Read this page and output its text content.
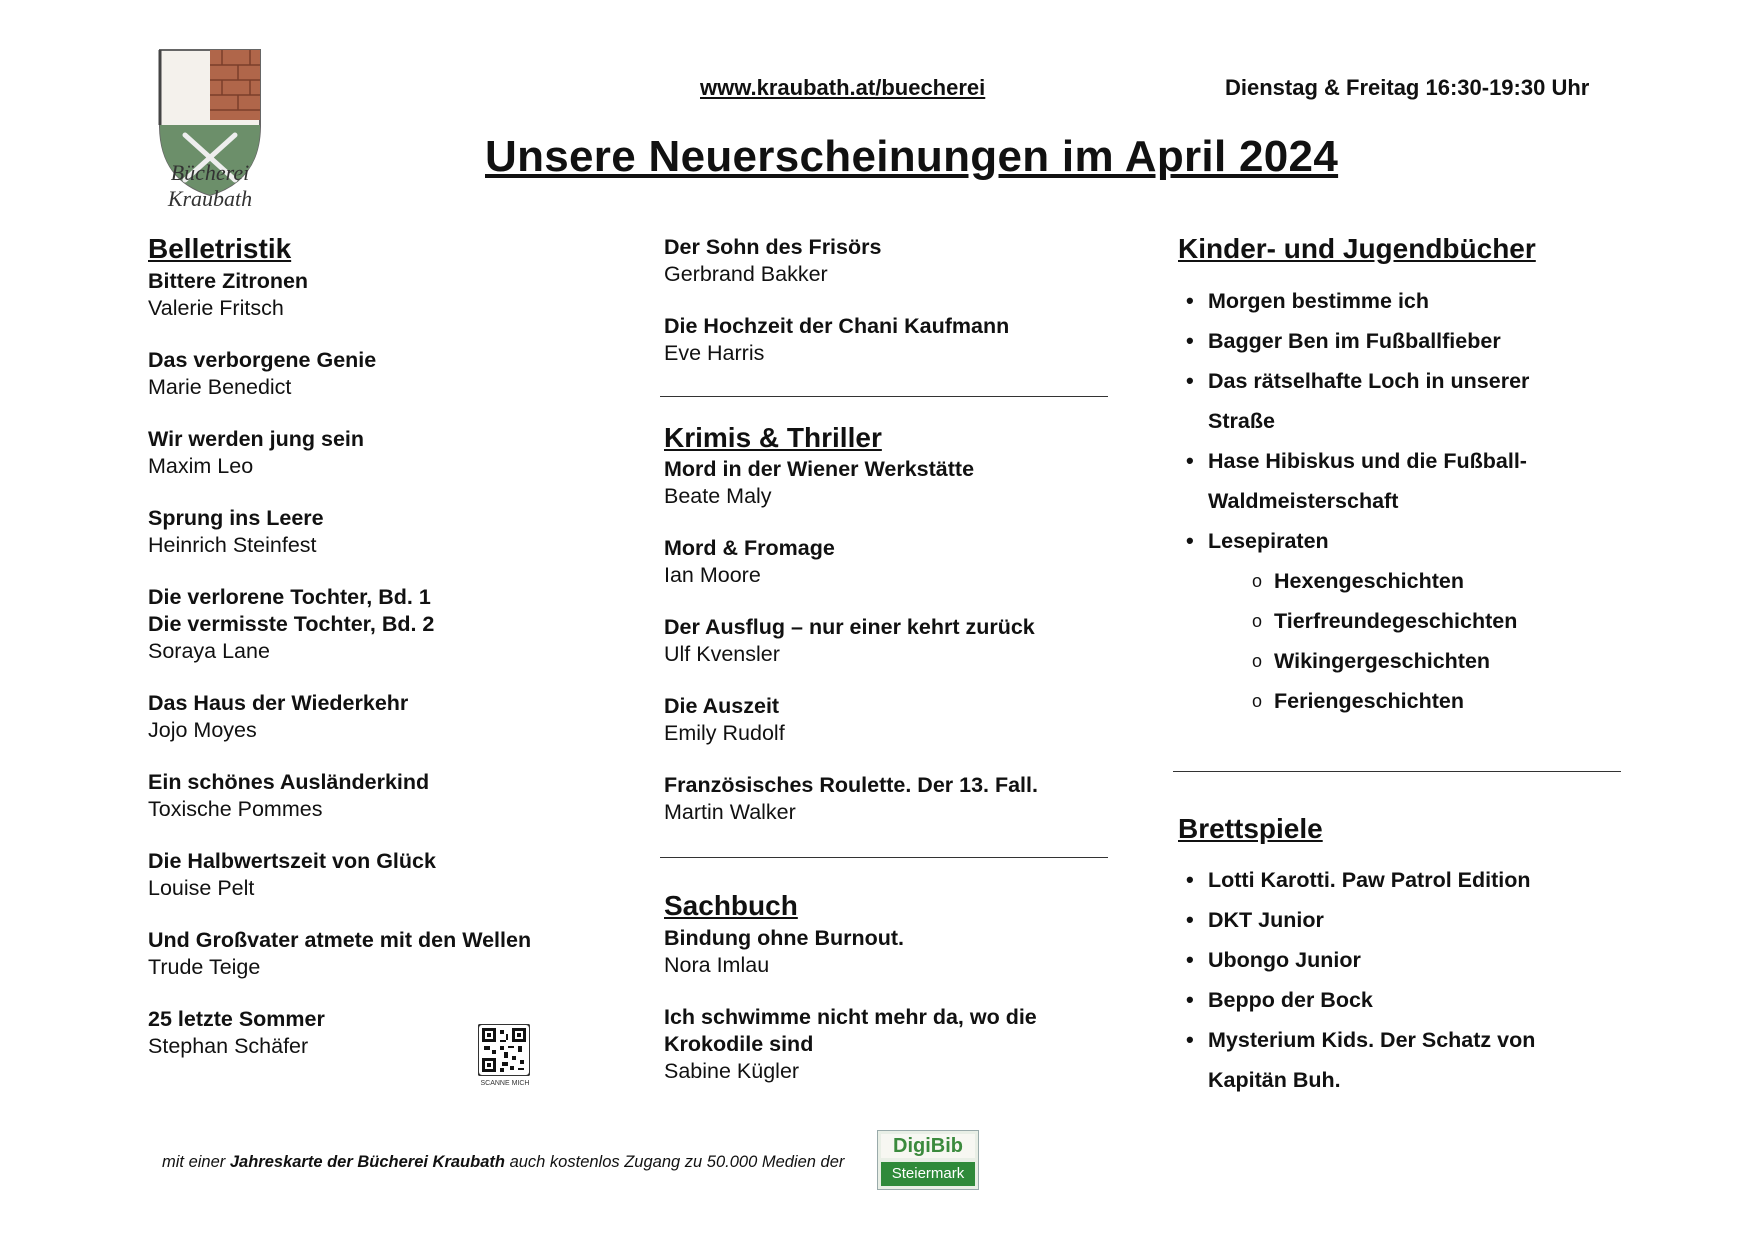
Bücherei
Kraubath
www.kraubath.at/buecherei	Dienstag & Freitag 16:30-19:30 Uhr
Unsere Neuerscheinungen im April 2024
Belletristik
Bittere Zitronen
Valerie Fritsch
Das verborgene Genie
Marie Benedict
Wir werden jung sein
Maxim Leo
Sprung ins Leere
Heinrich Steinfest
Die verlorene Tochter, Bd. 1
Die vermisste Tochter, Bd. 2
Soraya Lane
Das Haus der Wiederkehr
Jojo Moyes
Ein schönes Ausländerkind
Toxische Pommes
Die Halbwertszeit von Glück
Louise Pelt
Und Großvater atmete mit den Wellen
Trude Teige
25 letzte Sommer
Stephan Schäfer
SCANNE MICH
Der Sohn des Frisörs
Gerbrand Bakker
Die Hochzeit der Chani Kaufmann
Eve Harris
Krimis & Thriller
Mord in der Wiener Werkstätte
Beate Maly
Mord & Fromage
Ian Moore
Der Ausflug – nur einer kehrt zurück
Ulf Kvensler
Die Auszeit
Emily Rudolf
Französisches Roulette. Der 13. Fall.
Martin Walker
Sachbuch
Bindung ohne Burnout.
Nora Imlau
Ich schwimme nicht mehr da, wo die
Krokodile sind
Sabine Kügler
Kinder- und Jugendbücher
• Morgen bestimme ich
• Bagger Ben im Fußballfieber
• Das rätselhafte Loch in unserer Straße
• Hase Hibiskus und die Fußball-Waldmeisterschaft
• Lesepiraten
o Hexengeschichten
o Tierfreundegeschichten
o Wikingergeschichten
o Feriengeschichten
Brettspiele
• Lotti Karotti. Paw Patrol Edition
• DKT Junior
• Ubongo Junior
• Beppo der Bock
• Mysterium Kids. Der Schatz von Kapitän Buh.
mit einer Jahreskarte der Bücherei Kraubath auch kostenlos Zugang zu 50.000 Medien der
DigiBib
Steiermark
